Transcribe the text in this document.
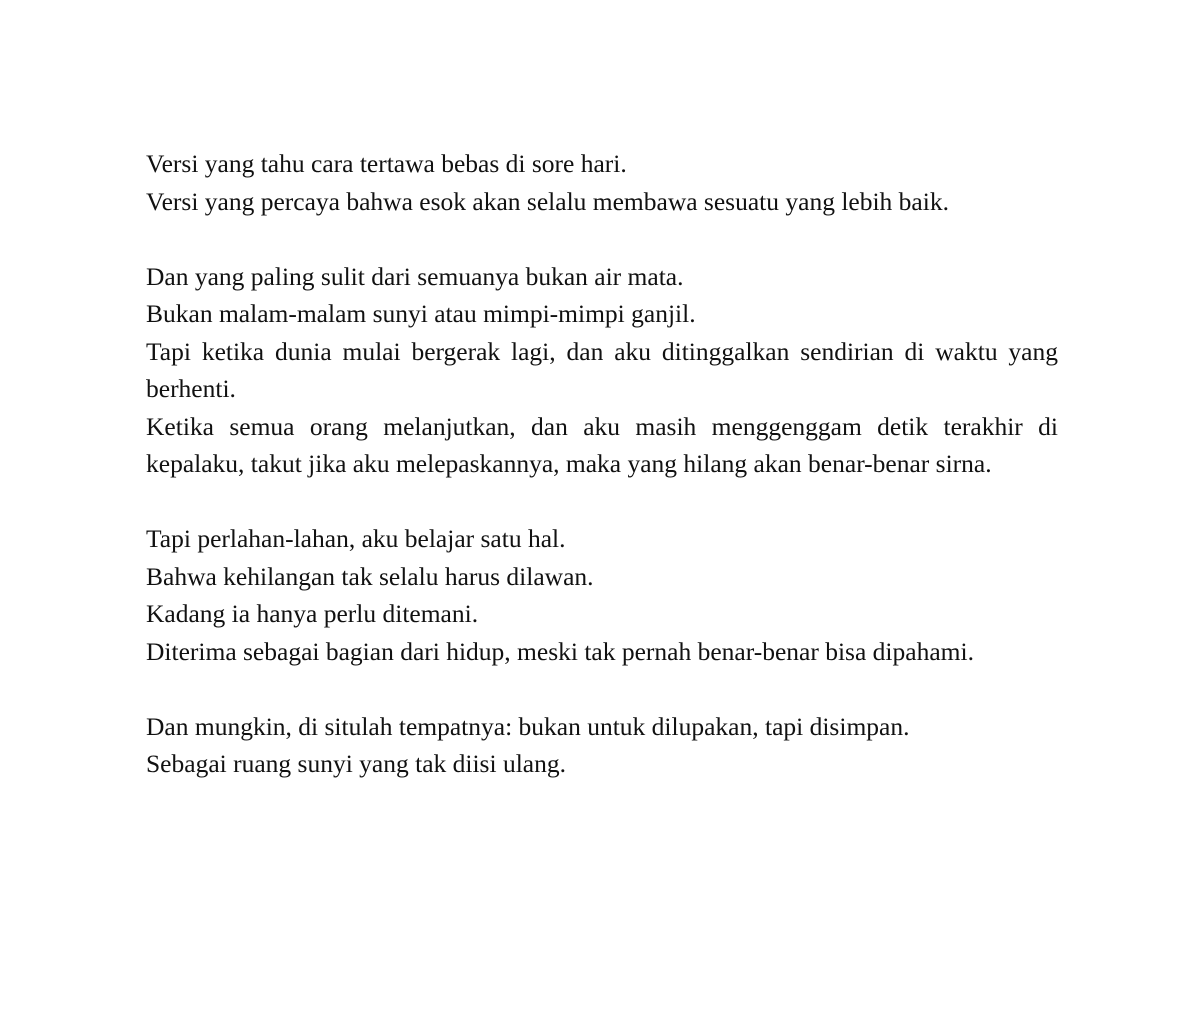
Versi yang tahu cara tertawa bebas di sore hari.

Versi yang percaya bahwa esok akan selalu membawa sesuatu yang lebih baik.

Dan yang paling sulit dari semuanya bukan air mata.

Bukan malam-malam sunyi atau mimpi-mimpi ganjil.

Tapi ketika dunia mulai bergerak lagi, dan aku ditinggalkan sendirian di waktu yang berhenti.

Ketika semua orang melanjutkan, dan aku masih menggenggam detik terakhir di kepalaku, takut jika aku melepaskannya, maka yang hilang akan benar-benar sirna.

Tapi perlahan-lahan, aku belajar satu hal.

Bahwa kehilangan tak selalu harus dilawan.

Kadang ia hanya perlu ditemani.

Diterima sebagai bagian dari hidup, meski tak pernah benar-benar bisa dipahami.

Dan mungkin, di situlah tempatnya: bukan untuk dilupakan, tapi disimpan.

Sebagai ruang sunyi yang tak diisi ulang.
